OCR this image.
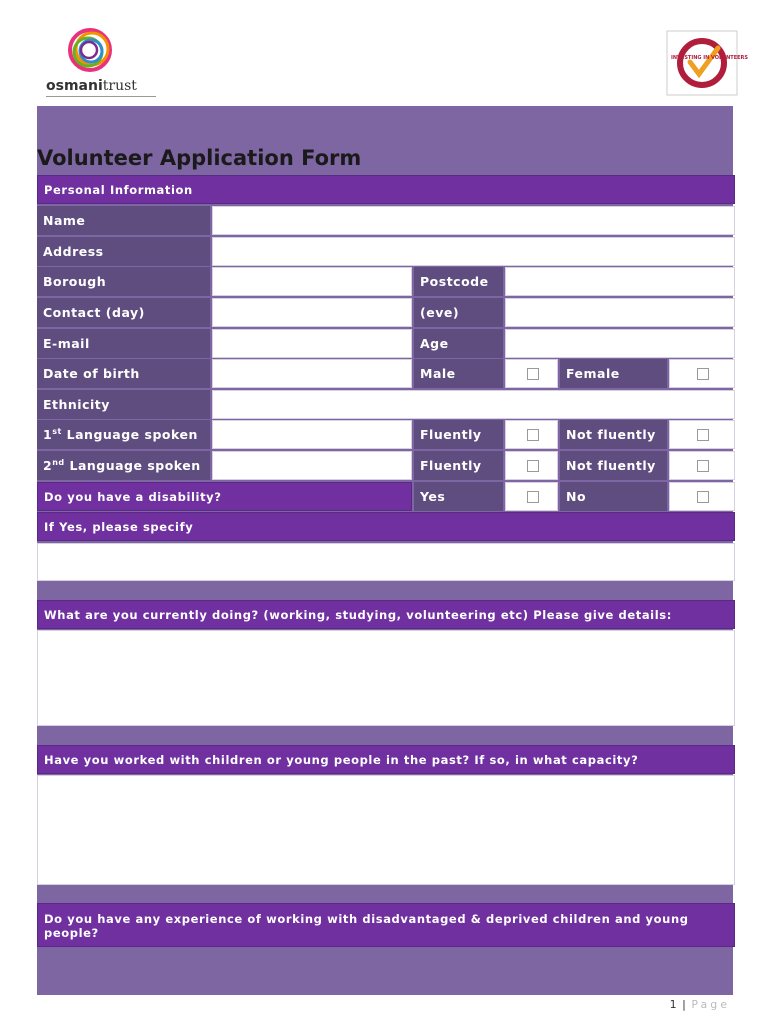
osmanitrust
INVESTING IN VOLUNTEERS
Volunteer Application Form
Personal Information
Name
Address
Borough	Postcode
Contact (day)	(eve)
E-mail	Age
Date of birth	Male	Female
Ethnicity
1st Language spoken	Fluently	Not fluently
2nd Language spoken	Fluently	Not fluently
Do you have a disability?	Yes	No
If Yes, please specify
What are you currently doing? (working, studying, volunteering etc) Please give details:
Have you worked with children or young people in the past? If so, in what capacity?
Do you have any experience of working with disadvantaged & deprived children and young people?
1 | Page
